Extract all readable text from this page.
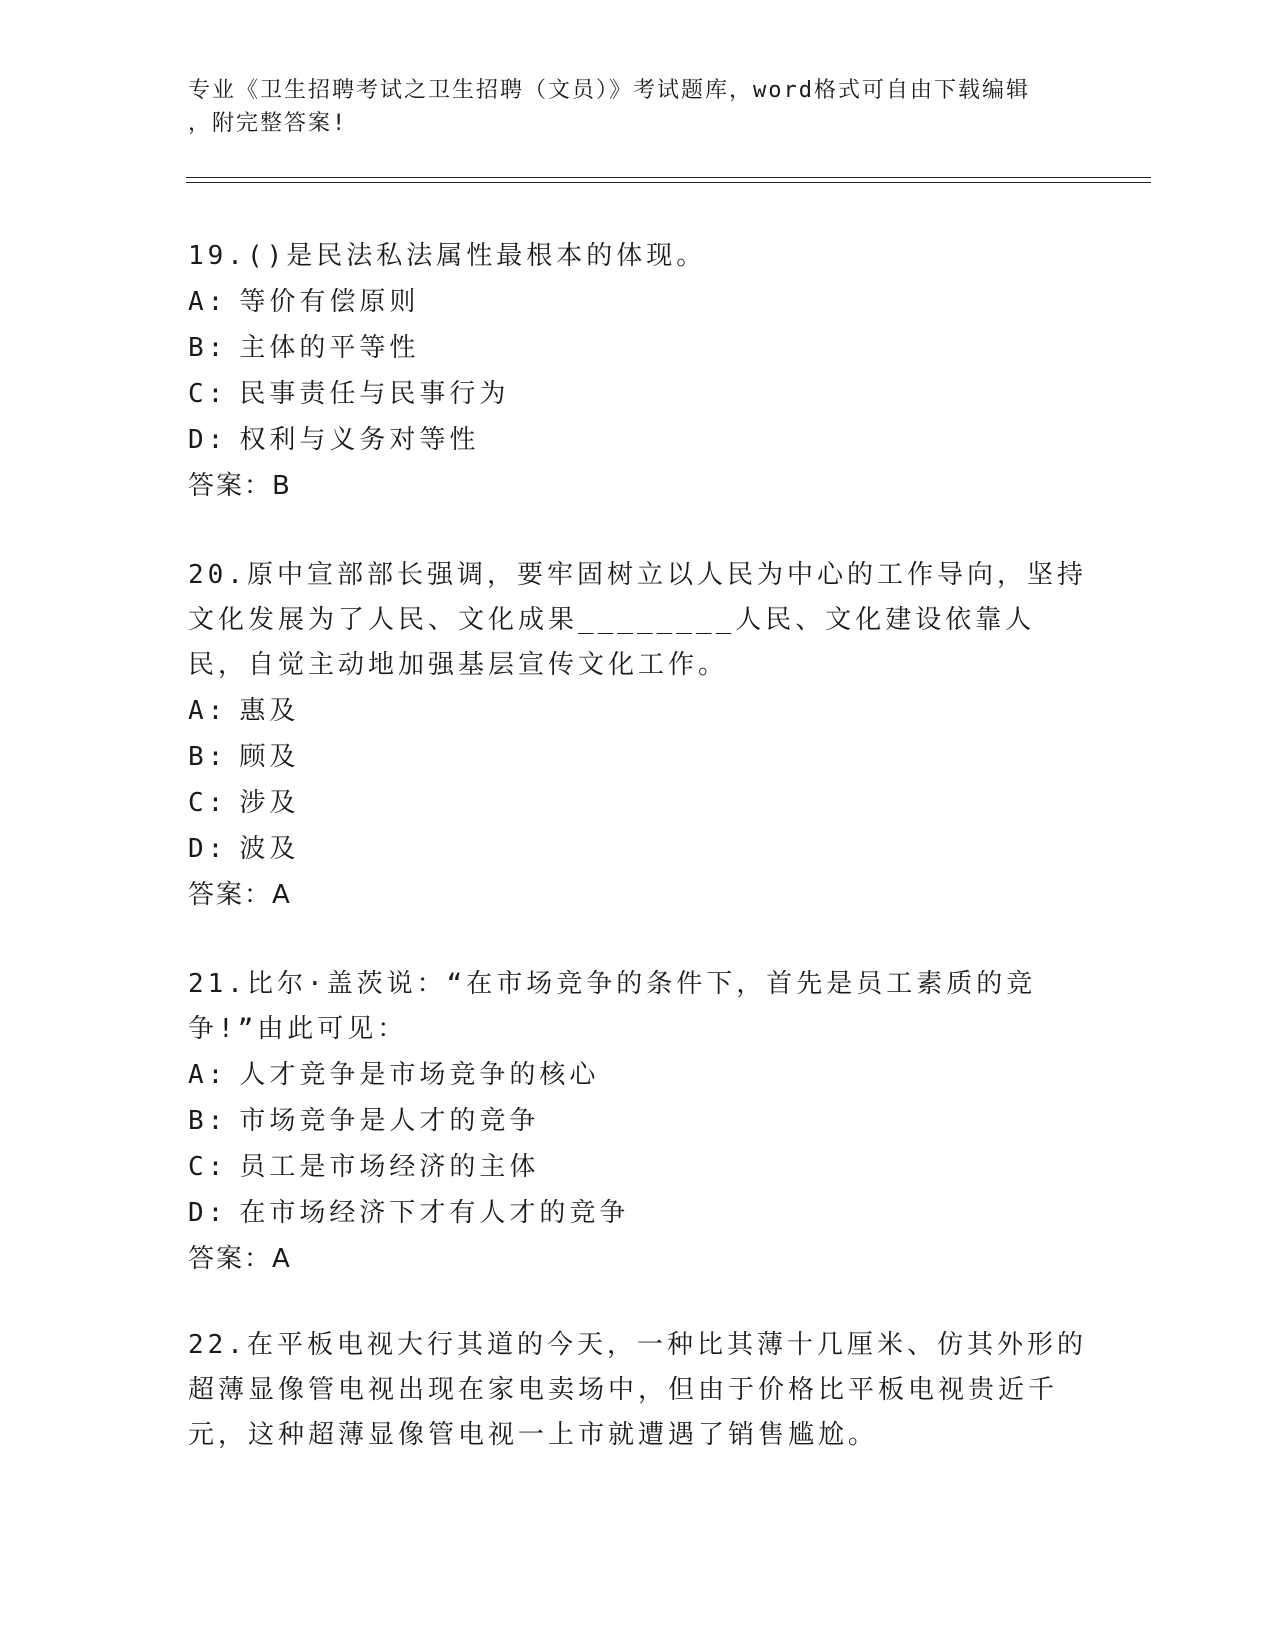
专业《卫生招聘考试之卫生招聘（文员）》考试题库，word格式可自由下载编辑
，附完整答案!

19.()是民法私法属性最根本的体现。

A: 等价有偿原则

B: 主体的平等性

C: 民事责任与民事行为

D: 权利与义务对等性

答案：B

20.原中宣部部长强调，要牢固树立以人民为中心的工作导向，坚持文化发展为了人民、文化成果________人民、文化建设依靠人民，自觉主动地加强基层宣传文化工作。

A: 惠及

B: 顾及

C: 涉及

D: 波及

答案：A

21.比尔·盖茨说：“在市场竞争的条件下，首先是员工素质的竞争!”由此可见：

A: 人才竞争是市场竞争的核心

B: 市场竞争是人才的竞争

C: 员工是市场经济的主体

D: 在市场经济下才有人才的竞争

答案：A

22.在平板电视大行其道的今天，一种比其薄十几厘米、仿其外形的超薄显像管电视出现在家电卖场中，但由于价格比平板电视贵近千元，这种超薄显像管电视一上市就遭遇了销售尴尬。
